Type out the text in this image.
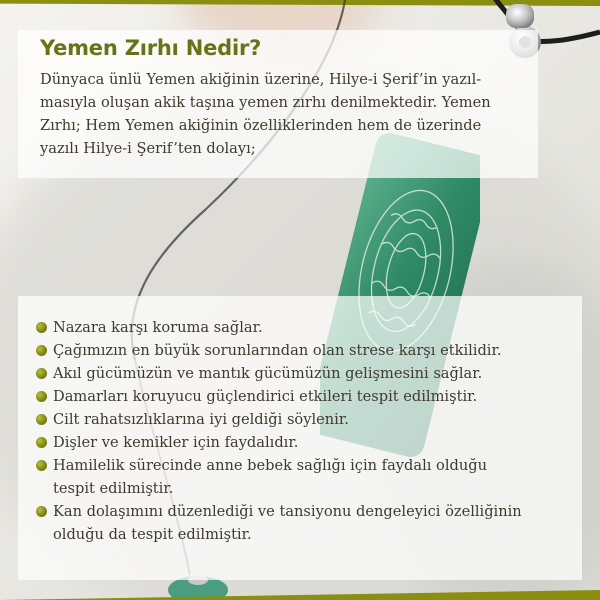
Yemen Zırhı Nedir?
Dünyaca ünlü Yemen akiğinin üzerine, Hilye-i Şerif’in yazıl-
masıyla oluşan akik taşına yemen zırhı denilmektedir. Yemen
Zırhı; Hem Yemen akiğinin özelliklerinden hem de üzerinde
yazılı Hilye-i Şerif’ten dolayı;
Nazara karşı koruma sağlar.
Çağımızın en büyük sorunlarından olan strese karşı etkilidir.
Akıl gücümüzün ve mantık gücümüzün gelişmesini sağlar.
Damarları koruyucu güçlendirici etkileri tespit edilmiştir.
Cilt rahatsızlıklarına iyi geldiği söylenir.
Dişler ve kemikler için faydalıdır.
Hamilelik sürecinde anne bebek sağlığı için faydalı olduğu
tespit edilmiştir.
Kan dolaşımını düzenlediği ve tansiyonu dengeleyici özelliğinin
olduğu da tespit edilmiştir.
